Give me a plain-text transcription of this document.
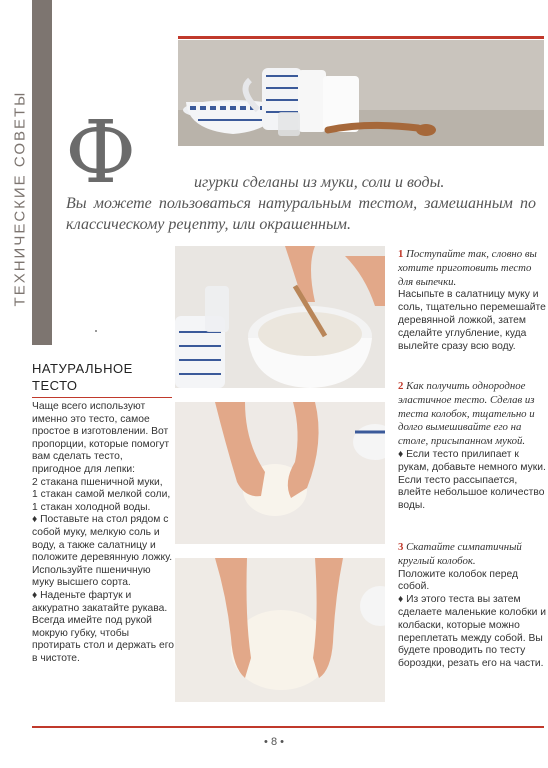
ТЕХНИЧЕСКИЕ СОВЕТЫ Ф	игурки сделаны из муки, соли и воды.
Вы можете пользоваться натуральным тестом, замешанным по классическому рецепту, или окрашенным.
НАТУРАЛЬНОЕ
ТЕСТО

Чаще всего используют именно это тесто, самое простое в изготовлении. Вот пропорции, которые помогут вам сделать тесто, пригодное для лепки:

2 стакана пшеничной муки,

1 стакан самой мелкой соли,

1 стакан холодной воды.

♦ Поставьте на стол рядом с собой муку, мелкую соль и воду, а также салатницу и положите деревянную ложку. Используйте пшеничную муку высшего сорта.

♦ Наденьте фартук и аккуратно закатайте рукава. Всегда имейте под рукой мокрую губку, чтобы протирать стол и держать его в чистоте.

1 Поступайте так, словно вы хотите приготовить тесто для выпечки.
Насыпьте в салатницу муку и соль, тщательно перемешайте деревянной ложкой, затем сделайте углубление, куда вылейте сразу всю воду.
2 Как получить однородное эластичное тесто. Сделав из теста колобок, тщательно и долго вымешивайте его на столе, присыпанном мукой.
♦ Если тесто прилипает к рукам, добавьте немного муки. Если тесто рассыпается, влейте небольшое количество воды.
3 Скатайте симпатичный круглый колобок.
Положите колобок перед собой.
♦ Из этого теста вы затем сделаете маленькие колобки и колбаски, которые можно переплетать между собой. Вы будете проводить по тесту бороздки, резать его на части.
• 8 •
